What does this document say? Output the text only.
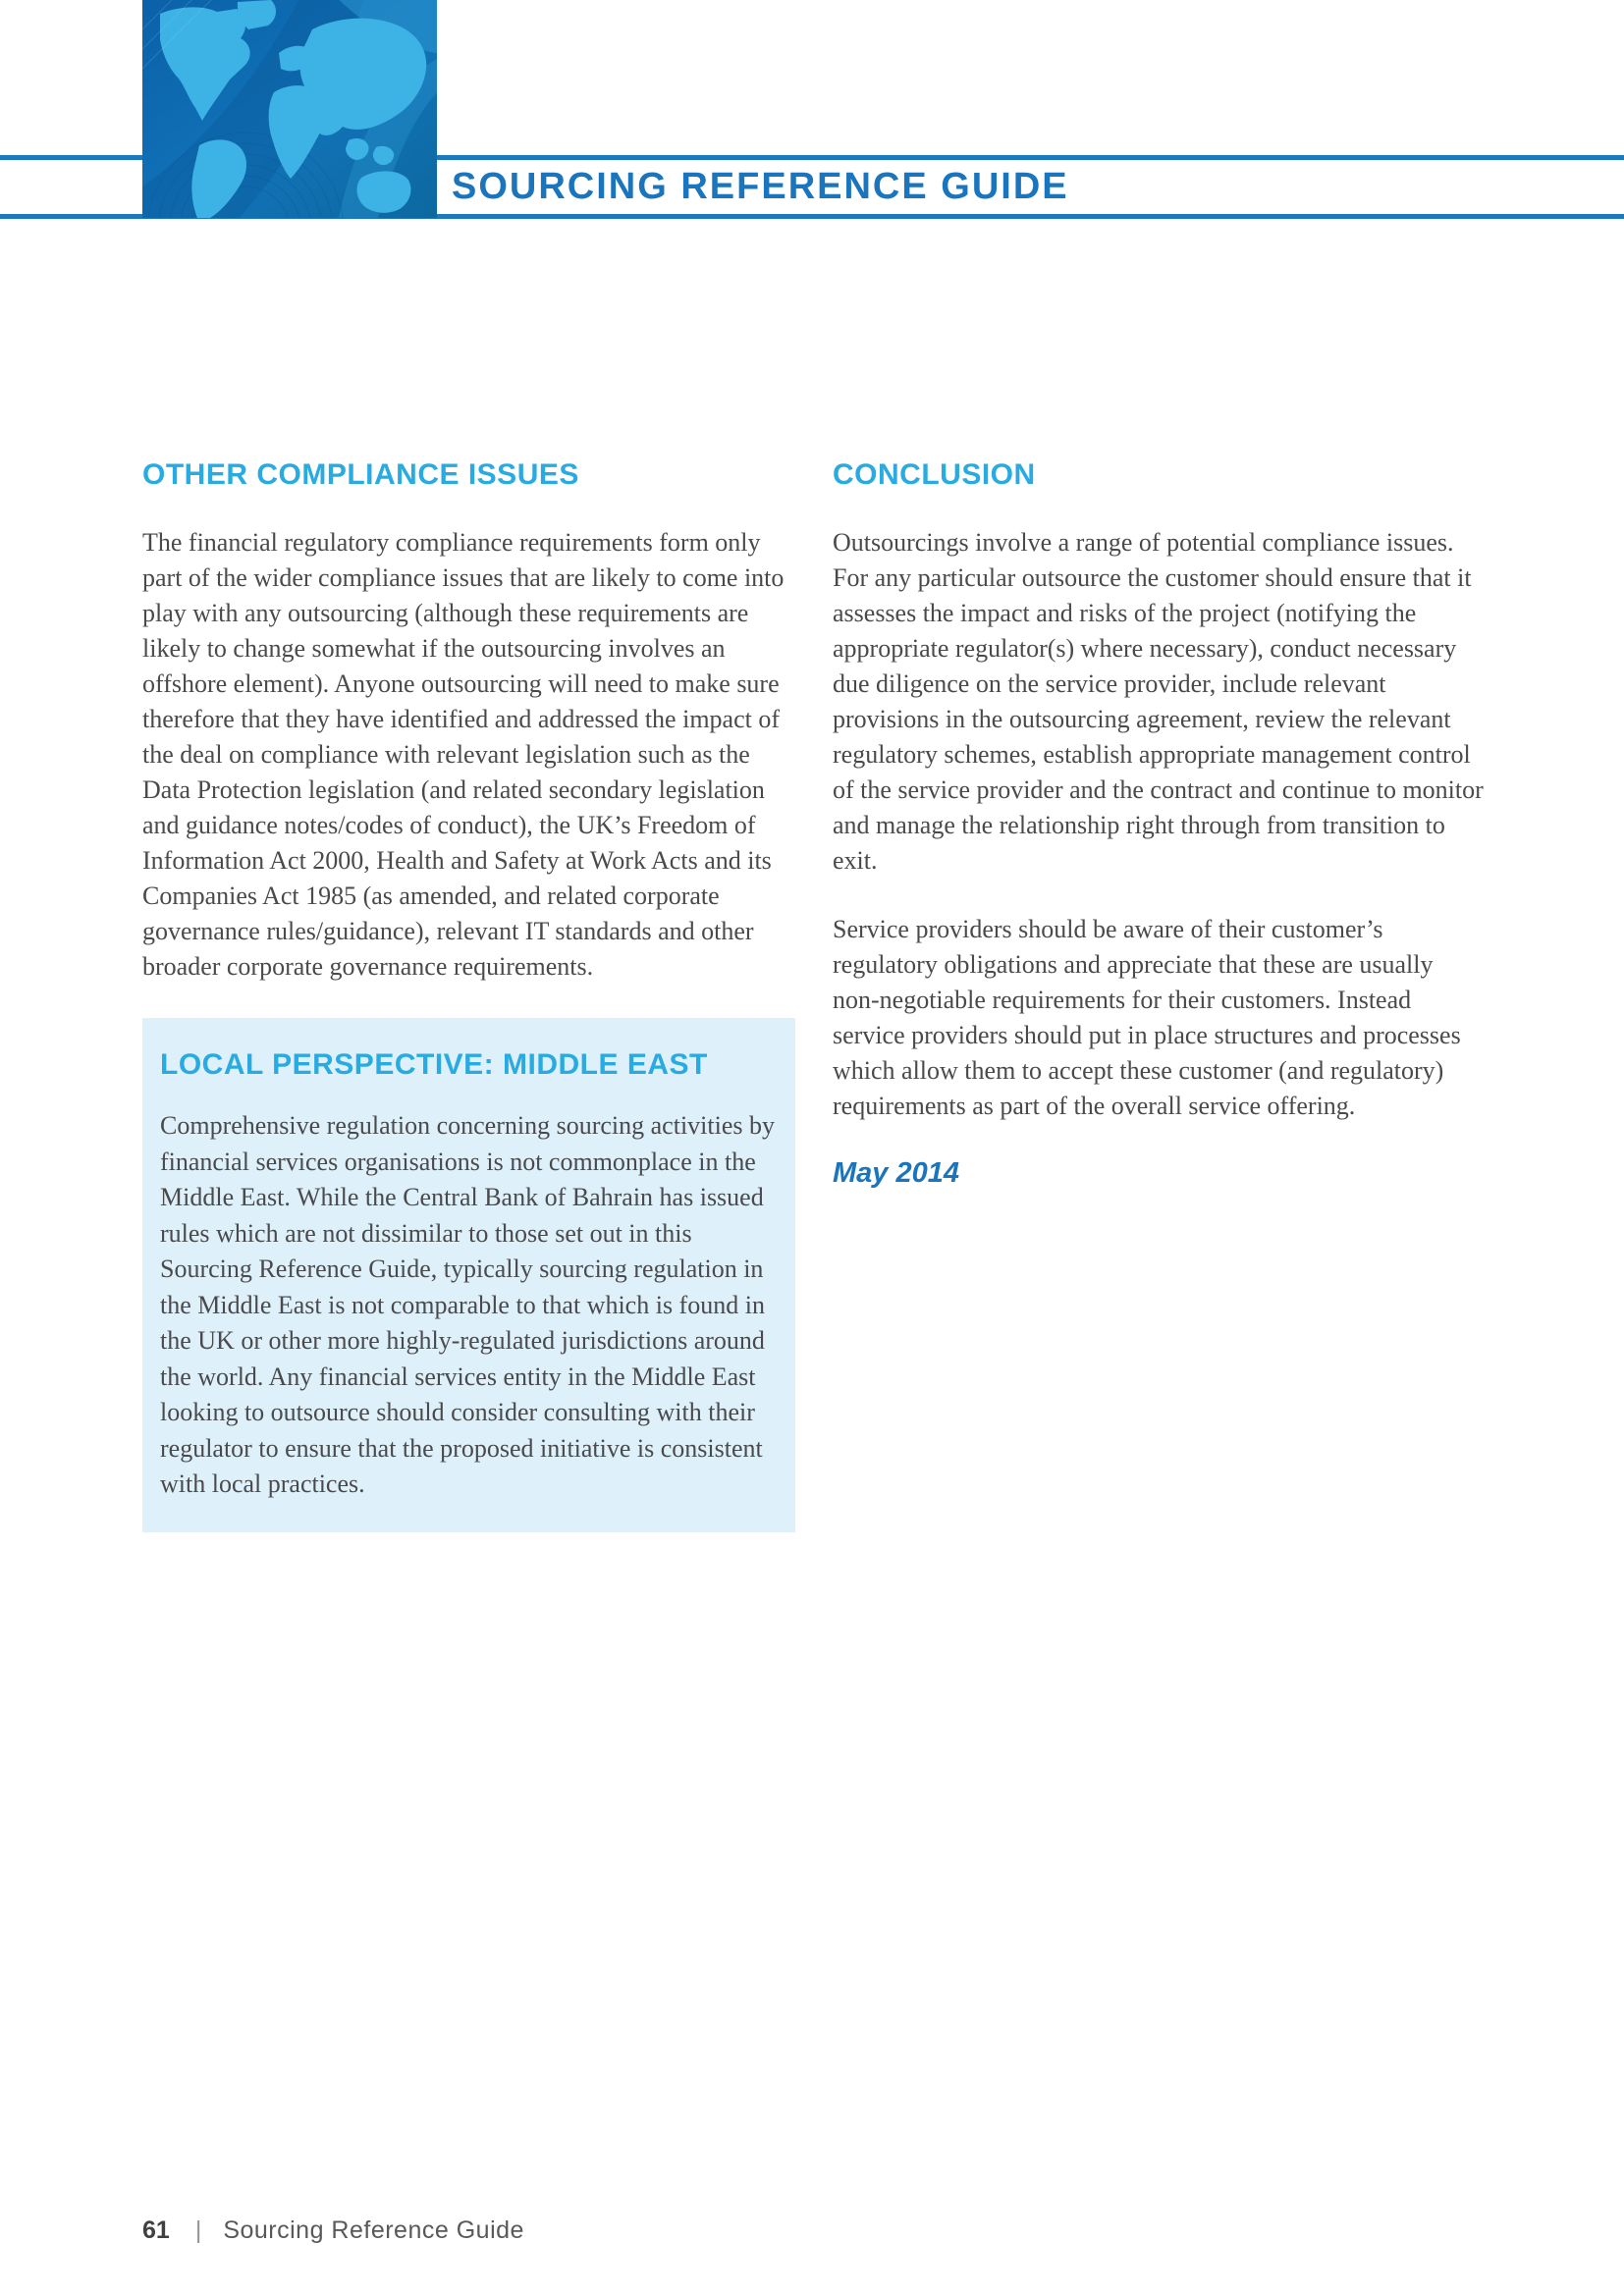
SOURCING REFERENCE GUIDE
OTHER COMPLIANCE ISSUES

The financial regulatory compliance requirements form only part of the wider compliance issues that are likely to come into play with any outsourcing (although these requirements are likely to change somewhat if the outsourcing involves an offshore element). Anyone outsourcing will need to make sure therefore that they have identified and addressed the impact of the deal on compliance with relevant legislation such as the Data Protection legislation (and related secondary legislation and guidance notes/codes of conduct), the UK’s Freedom of Information Act 2000, Health and Safety at Work Acts and its Companies Act 1985 (as amended, and related corporate governance rules/guidance), relevant IT standards and other broader corporate governance requirements.

LOCAL PERSPECTIVE: MIDDLE EAST

Comprehensive regulation concerning sourcing activities by financial services organisations is not commonplace in the Middle East. While the Central Bank of Bahrain has issued rules which are not dissimilar to those set out in this Sourcing Reference Guide, typically sourcing regulation in the Middle East is not comparable to that which is found in the UK or other more highly-regulated jurisdictions around the world. Any financial services entity in the Middle East looking to outsource should consider consulting with their regulator to ensure that the proposed initiative is consistent with local practices.

CONCLUSION

Outsourcings involve a range of potential compliance issues. For any particular outsource the customer should ensure that it assesses the impact and risks of the project (notifying the appropriate regulator(s) where necessary), conduct necessary due diligence on the service provider, include relevant provisions in the outsourcing agreement, review the relevant regulatory schemes, establish appropriate management control of the service provider and the contract and continue to monitor and manage the relationship right through from transition to exit.

Service providers should be aware of their customer’s regulatory obligations and appreciate that these are usually non-negotiable requirements for their customers. Instead service providers should put in place structures and processes which allow them to accept these customer (and regulatory) requirements as part of the overall service offering.

May 2014
61 | Sourcing Reference Guide
